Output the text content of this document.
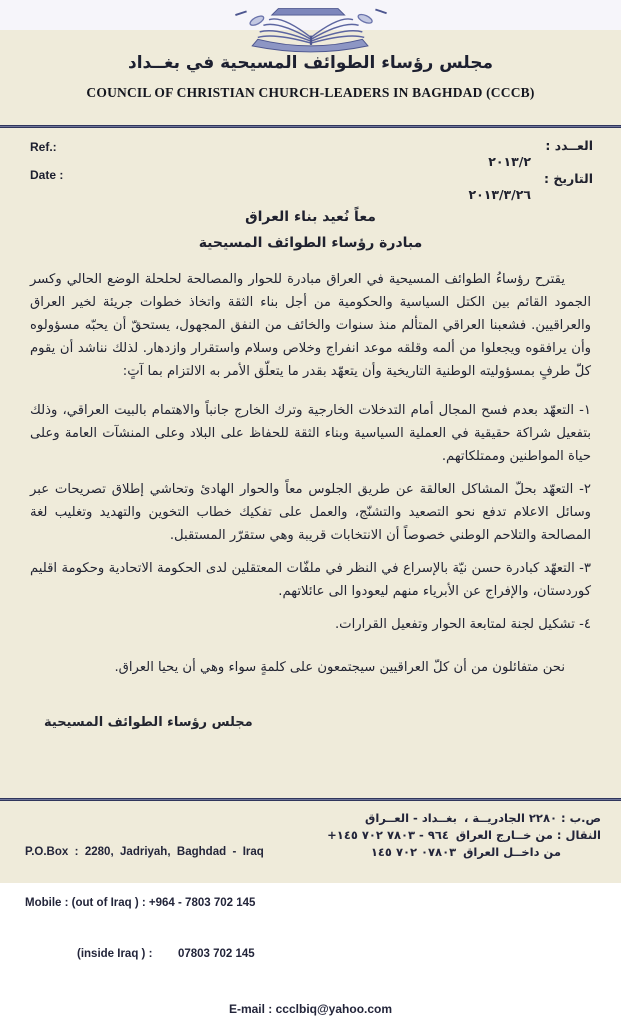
مجلس رؤساء الطوائف المسيحية في بغــداد
COUNCIL OF CHRISTIAN CHURCH-LEADERS IN BAGHDAD (CCCB)
Ref.:
Date :
العــدد :
٢٠١٣/٢
التاريخ :
٢٠١٣/٣/٢٦
معاً نُعيد بناء العراق
مبادرة رؤساء الطوائف المسيحية

يقترح رؤساءُ الطوائف المسيحية في العراق مبادرة للحوار والمصالحة لحلحلة الوضع الحالي وكسر الجمود القائم بين الكتل السياسية والحكومية من أجل بناء الثقة واتخاذ خطوات جريئة لخير العراق والعراقيين. فشعبنا العراقي المتألم منذ سنوات والخائف من النفق المجهول، يستحقّ أن يحبّه مسؤولوه وأن يرافقوه ويجعلوا من ألمه وقلقه موعد انفراج وخلاص وسلام واستقرار وازدهار. لذلك نناشد أن يقوم كلّ طرفٍ بمسؤوليته الوطنية التاريخية وأن يتعهّد بقدر ما يتعلّق الأمر به الالتزام بما آتٍ:

١- التعهّد بعدم فسح المجال أمام التدخلات الخارجية وترك الخارج جانباً والاهتمام بالبيت العراقي، وذلك بتفعيل شراكة حقيقية في العملية السياسية وبناء الثقة للحفاظ على البلاد وعلى المنشآت العامة وعلى حياة المواطنين وممتلكاتهم.

٢- التعهّد بحلّ المشاكل العالقة عن طريق الجلوس معاً والحوار الهادئ وتحاشي إطلاق تصريحات عبر وسائل الاعلام تدفع نحو التصعيد والتشنّج، والعمل على تفكيك خطاب التخوين والتهديد وتغليب لغة المصالحة والتلاحم الوطني خصوصاً أن الانتخابات قريبة وهي ستقرّر المستقبل.

٣- التعهّد كبادرة حسن نيّة بالإسراع في النظر في ملفّات المعتقلين لدى الحكومة الاتحادية وحكومة اقليم كوردستان، والإفراج عن الأبرياء منهم ليعودوا الى عائلاتهم.

٤- تشكيل لجنة لمتابعة الحوار وتفعيل القرارات.

نحن متفائلون من أن كلّ العراقيين سيجتمعون على كلمةٍ سواء وهي أن يحيا العراق.

مجلس رؤساء الطوائف المسيحية

P.O.Box  :  2280,  Jadriyah,  Baghdad  -  Iraq

Mobile : (out of Iraq ) : +964 - 7803 702 145

(inside Iraq ) :        07803 702 145

ص.ب : ٢٢٨٠ الجادريــة ،
بغــداد - العــراق
النقال : من خــارج العراق
+٩٦٤ - ٧٨٠٣ ٧٠٢ ١٤٥
من داخــل العراق
٠٧٨٠٣ ٧٠٢ ١٤٥
E-mail : ccclbiq@yahoo.com
